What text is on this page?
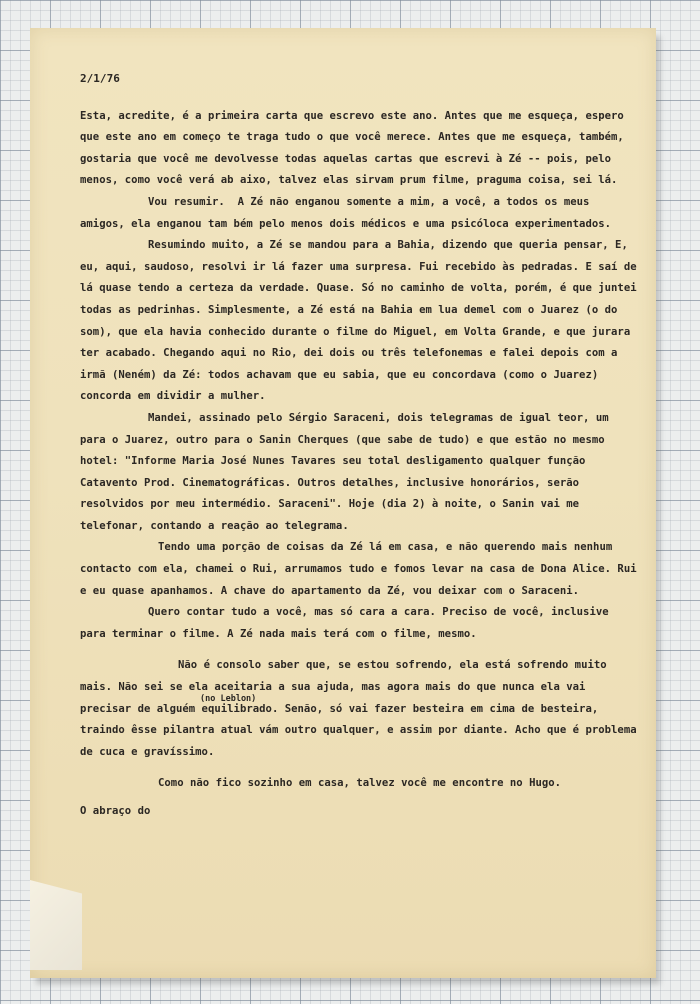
2/1/76

Esta, acredite, é a primeira carta que escrevo este ano. Antes que me esqueça, espero que este ano em começo te traga tudo o que você merece. Antes que me esqueça, também, gostaria que você me devolvesse todas aquelas cartas que escrevi à Zé -- pois, pelo menos, como você verá ab aixo, talvez elas sirvam prum filme, praguma coisa, sei lá.

Vou resumir.  A Zé não enganou somente a mim, a você, a todos os meus amigos, ela enganou tam bém pelo menos dois médicos e uma psicóloca experimentados.

Resumindo muito, a Zé se mandou para a Bahia, dizendo que queria pensar, E, eu, aqui, saudoso, resolvi ir lá fazer uma surpresa. Fui recebido às pedradas. E saí de lá quase tendo a certeza da verdade. Quase. Só no caminho de volta, porém, é que juntei todas as pedrinhas. Simplesmente, a Zé está na Bahia em lua demel com o Juarez (o do som), que ela havia conhecido durante o filme do Miguel, em Volta Grande, e que jurara ter acabado. Chegando aqui no Rio, dei dois ou três telefonemas e falei depois com a irmã (Neném) da Zé: todos achavam que eu sabia, que eu concordava (como o Juarez) concorda em dividir a mulher.

Mandei, assinado pelo Sérgio Saraceni, dois telegramas de igual teor, um para o Juarez, outro para o Sanin Cherques (que sabe de tudo) e que estão no mesmo hotel: "Informe Maria José Nunes Tavares seu total desligamento qualquer função Catavento Prod. Cinematográficas. Outros detalhes, inclusive honorários, serão resolvidos por meu intermédio. Saraceni". Hoje (dia 2) à noite, o Sanin vai me telefonar, contando a reação ao telegrama.

Tendo uma porção de coisas da Zé lá em casa, e não querendo mais nenhum contacto com ela, chamei o Rui, arrumamos tudo e fomos levar na casa de Dona Alice. Rui e eu quase apanhamos. A chave do apartamento da Zé, vou deixar com o Saraceni.

Quero contar tudo a você, mas só cara a cara. Preciso de você, inclusive para terminar o filme. A Zé nada mais terá com o filme, mesmo.

Não é consolo saber que, se estou sofrendo, ela está sofrendo muito mais. Não sei se ela aceitaria a sua ajuda, mas agora mais do que nunca ela vai precisar de alguém equilibrado. Senão, só vai fazer besteira em cima de besteira, traindo êsse pilantra atual vám outro qualquer, e assim por diante. Acho que é problema de cuca e gravíssimo.

Como não fico sozinho em casa, talvez você me encontre no Hugo.

O abraço do

(no Leblon)
